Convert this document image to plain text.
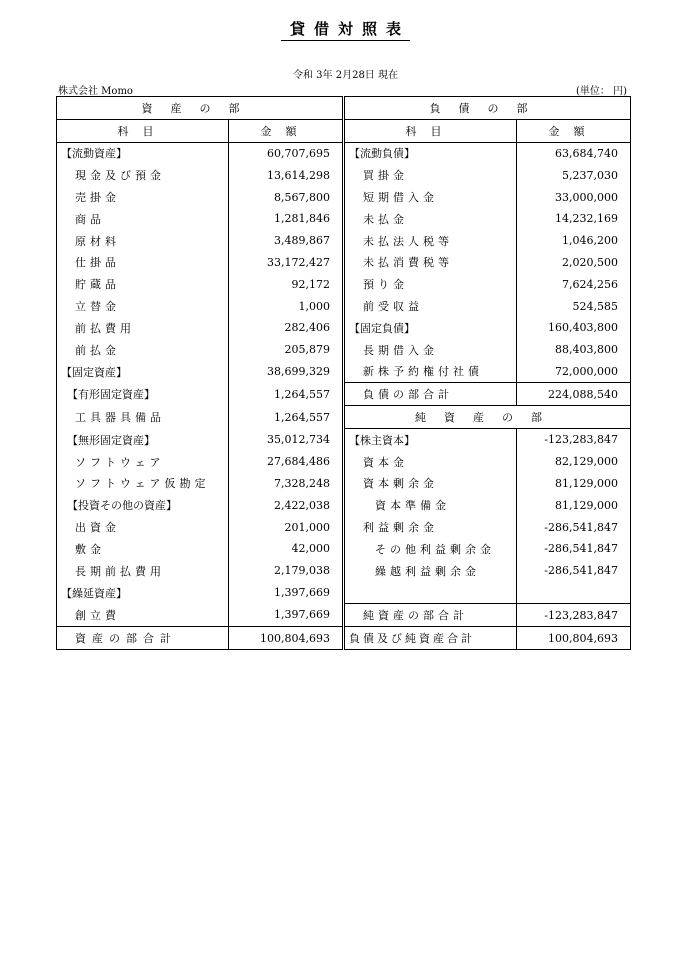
貸借対照表
令和 3年 2月28日 現在
株式会社 Momo	(単位： 円)
資産の部			負債の部	
科目	金額		科目	金額
【流動資産】	60,707,695		【流動負債】	63,684,740
現金及び預金	13,614,298		買掛金	5,237,030
売掛金	8,567,800		短期借入金	33,000,000
商品	1,281,846		未払金	14,232,169
原材料	3,489,867		未払法人税等	1,046,200
仕掛品	33,172,427		未払消費税等	2,020,500
貯蔵品	92,172		預り金	7,624,256
立替金	1,000		前受収益	524,585
前払費用	282,406		【固定負債】	160,403,800
前払金	205,879		長期借入金	88,403,800
【固定資産】	38,699,329		新株予約権付社債	72,000,000
【有形固定資産】	1,264,557		負債の部合計	224,088,540
工具器具備品	1,264,557		純資産の部	
【無形固定資産】	35,012,734		【株主資本】	-123,283,847
ソフトウェア	27,684,486		資本金	82,129,000
ソフトウェア仮勘定	7,328,248		資本剰余金	81,129,000
【投資その他の資産】	2,422,038		資本準備金	81,129,000
出資金	201,000		利益剰余金	-286,541,847
敷金	42,000		その他利益剰余金	-286,541,847
長期前払費用	2,179,038		繰越利益剰余金	-286,541,847
【繰延資産】	1,397,669			
創立費	1,397,669		純資産の部合計	-123,283,847
資産の部合計	100,804,693		負債及び純資産合計	100,804,693
